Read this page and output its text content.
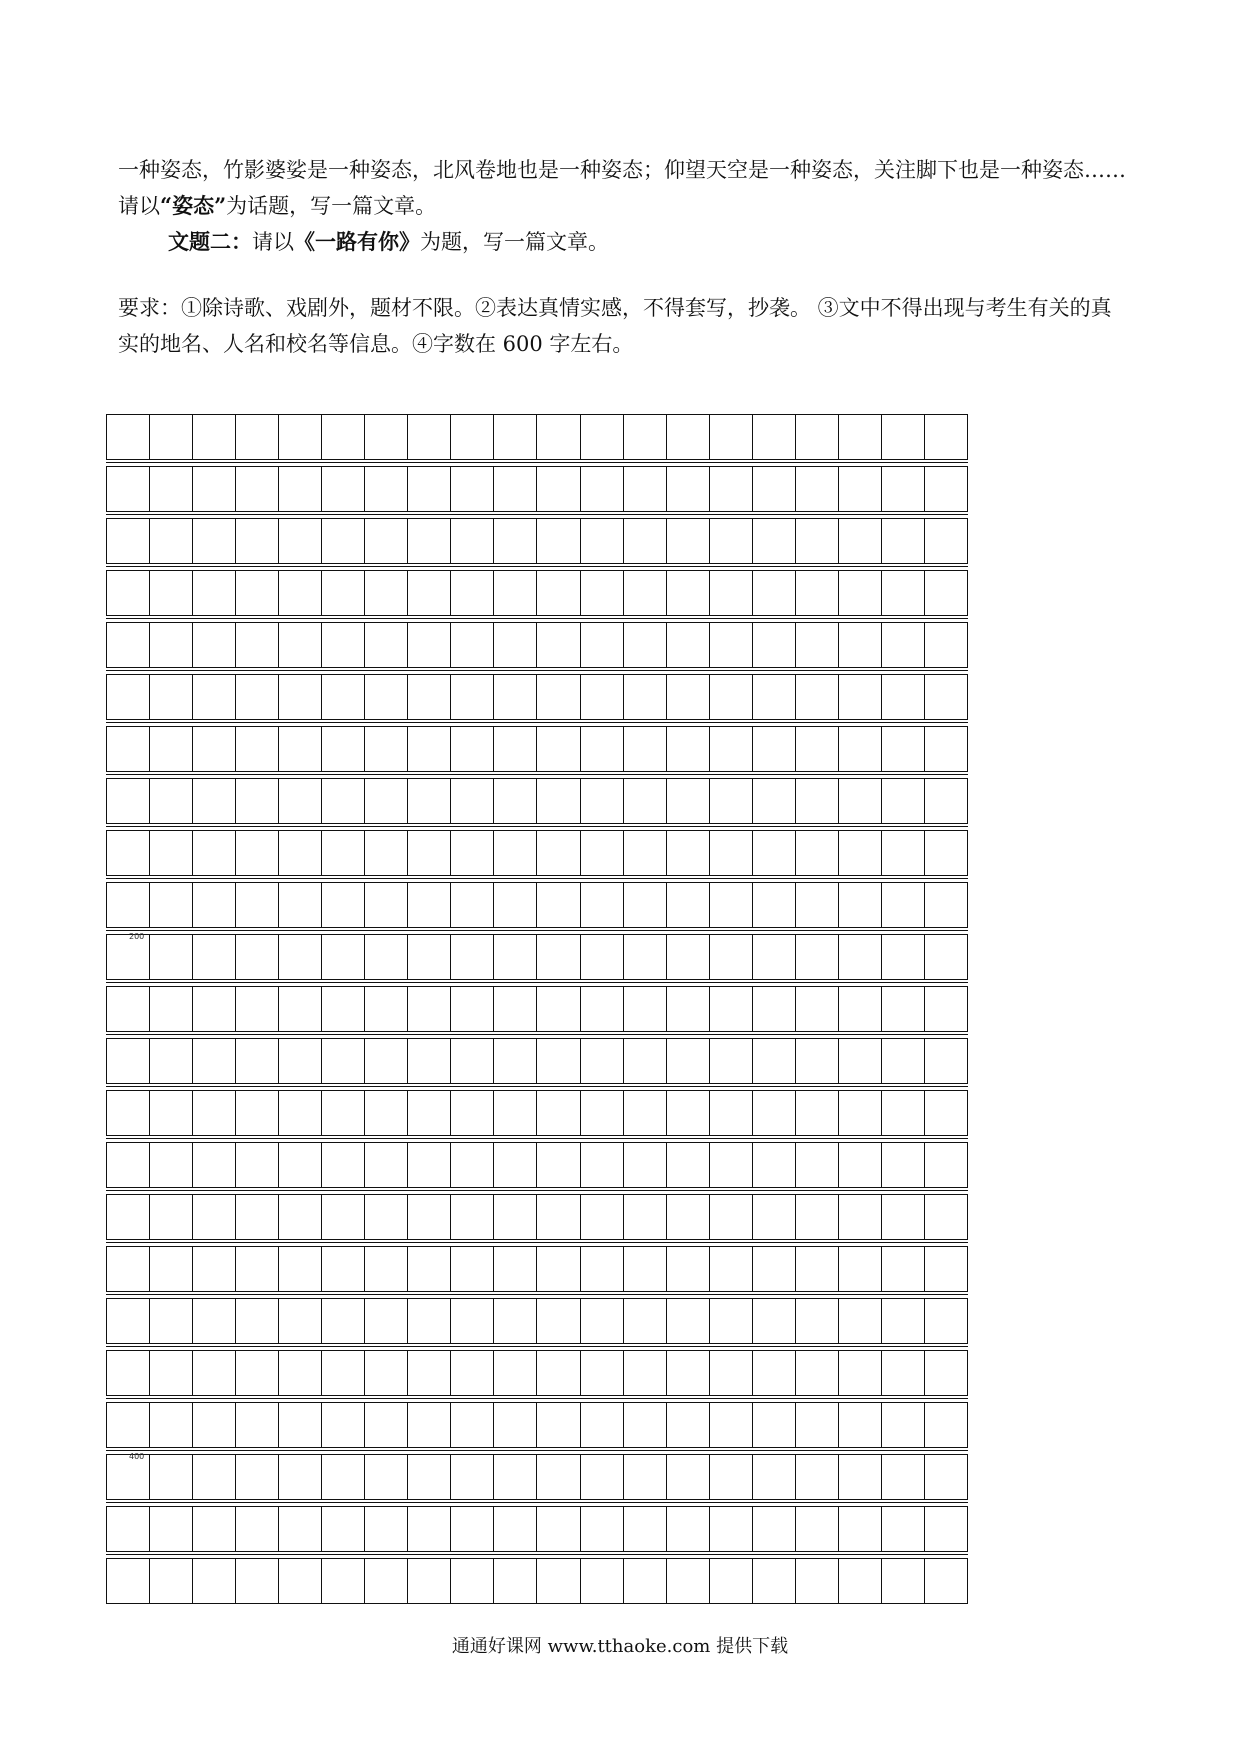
一种姿态，竹影婆娑是一种姿态，北风卷地也是一种姿态；仰望天空是一种姿态，关注脚下也是一种姿态…… 请以“姿态”为话题，写一篇文章。
文题二：请以《一路有你》为题，写一篇文章。
要求：①除诗歌、戏剧外，题材不限。②表达真情实感，不得套写，抄袭。 ③文中不得出现与考生有关的真实的地名、人名和校名等信息。④字数在 600 字左右。
200
400
通通好课网 www.tthaoke.com 提供下载
